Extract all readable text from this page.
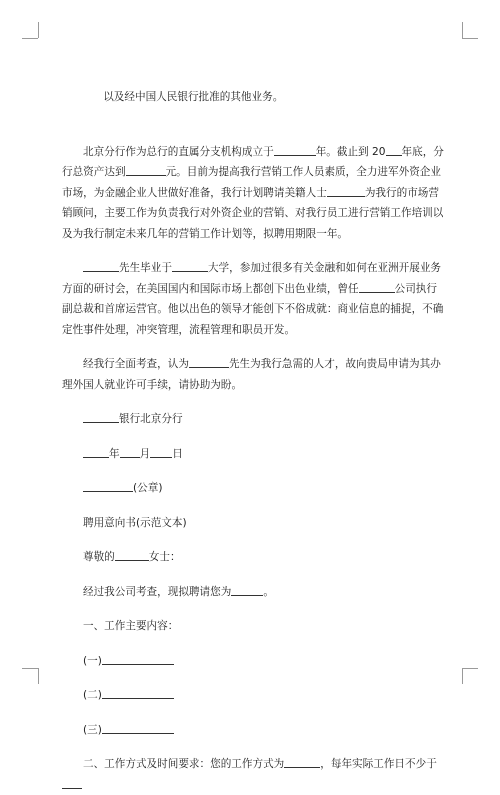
以及经中国人民银行批准的其他业务。

北京分行作为总行的直属分支机构成立于	年。截止到 20 年底，分行总资产达到	元。目前为提高我行营销工作人员素质，全力进军外资企业市场，为金融企业人世做好准备，我行计划聘请美籍人士	为我行的市场营销顾问，主要工作为负责我行对外资企业的营销、对我行员工进行营销工作培训以及为我行制定未来几年的营销工作计划等，拟聘用期限一年。

先生毕业于	大学，参加过很多有关金融和如何在亚洲开展业务方面的研讨会，在美国国内和国际市场上都创下出色业绩，曾任	公司执行副总裁和首席运营官。他以出色的领导才能创下不俗成就：商业信息的捕捉，不确定性事件处理，冲突管理，流程管理和职员开发。

经我行全面考查，认为	先生为我行急需的人才，故向贵局申请为其办理外国人就业许可手续，请协助为盼。

银行北京分行

年 月 日

(公章)

聘用意向书(示范文本)

尊敬的	女士：

经过我公司考查，现拟聘请您为	。

一、工作主要内容：

(一)

(二)

(三)

二、工作方式及时间要求：您的工作方式为	，每年实际工作日不少于
